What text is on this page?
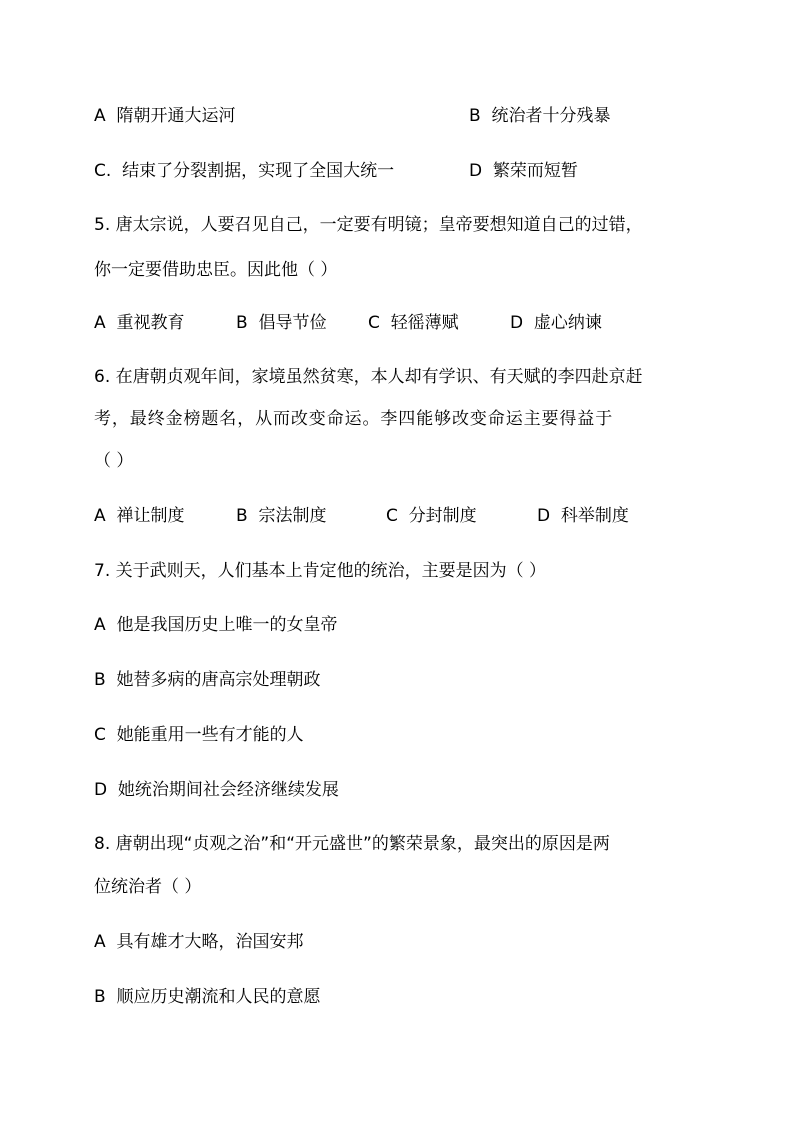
A 隋朝开通大运河	B 统治者十分残暴
C. 结束了分裂割据，实现了全国大统一	D 繁荣而短暂
5. 唐太宗说，人要召见自己，一定要有明镜；皇帝要想知道自己的过错，
你一定要借助忠臣。因此他（ ）
A 重视教育	B 倡导节俭 C 轻徭薄赋	D 虚心纳谏
6. 在唐朝贞观年间，家境虽然贫寒，本人却有学识、有天赋的李四赴京赶
考，最终金榜题名，从而改变命运。李四能够改变命运主要得益于
（ ）
A 禅让制度	B 宗法制度	C 分封制度	D 科举制度
7. 关于武则天，人们基本上肯定他的统治，主要是因为（ ）
A 他是我国历史上唯一的女皇帝
B 她替多病的唐高宗处理朝政
C 她能重用一些有才能的人
D 她统治期间社会经济继续发展
8. 唐朝出现“贞观之治”和“开元盛世”的繁荣景象，最突出的原因是两
位统治者（ ）
A 具有雄才大略，治国安邦
B 顺应历史潮流和人民的意愿
